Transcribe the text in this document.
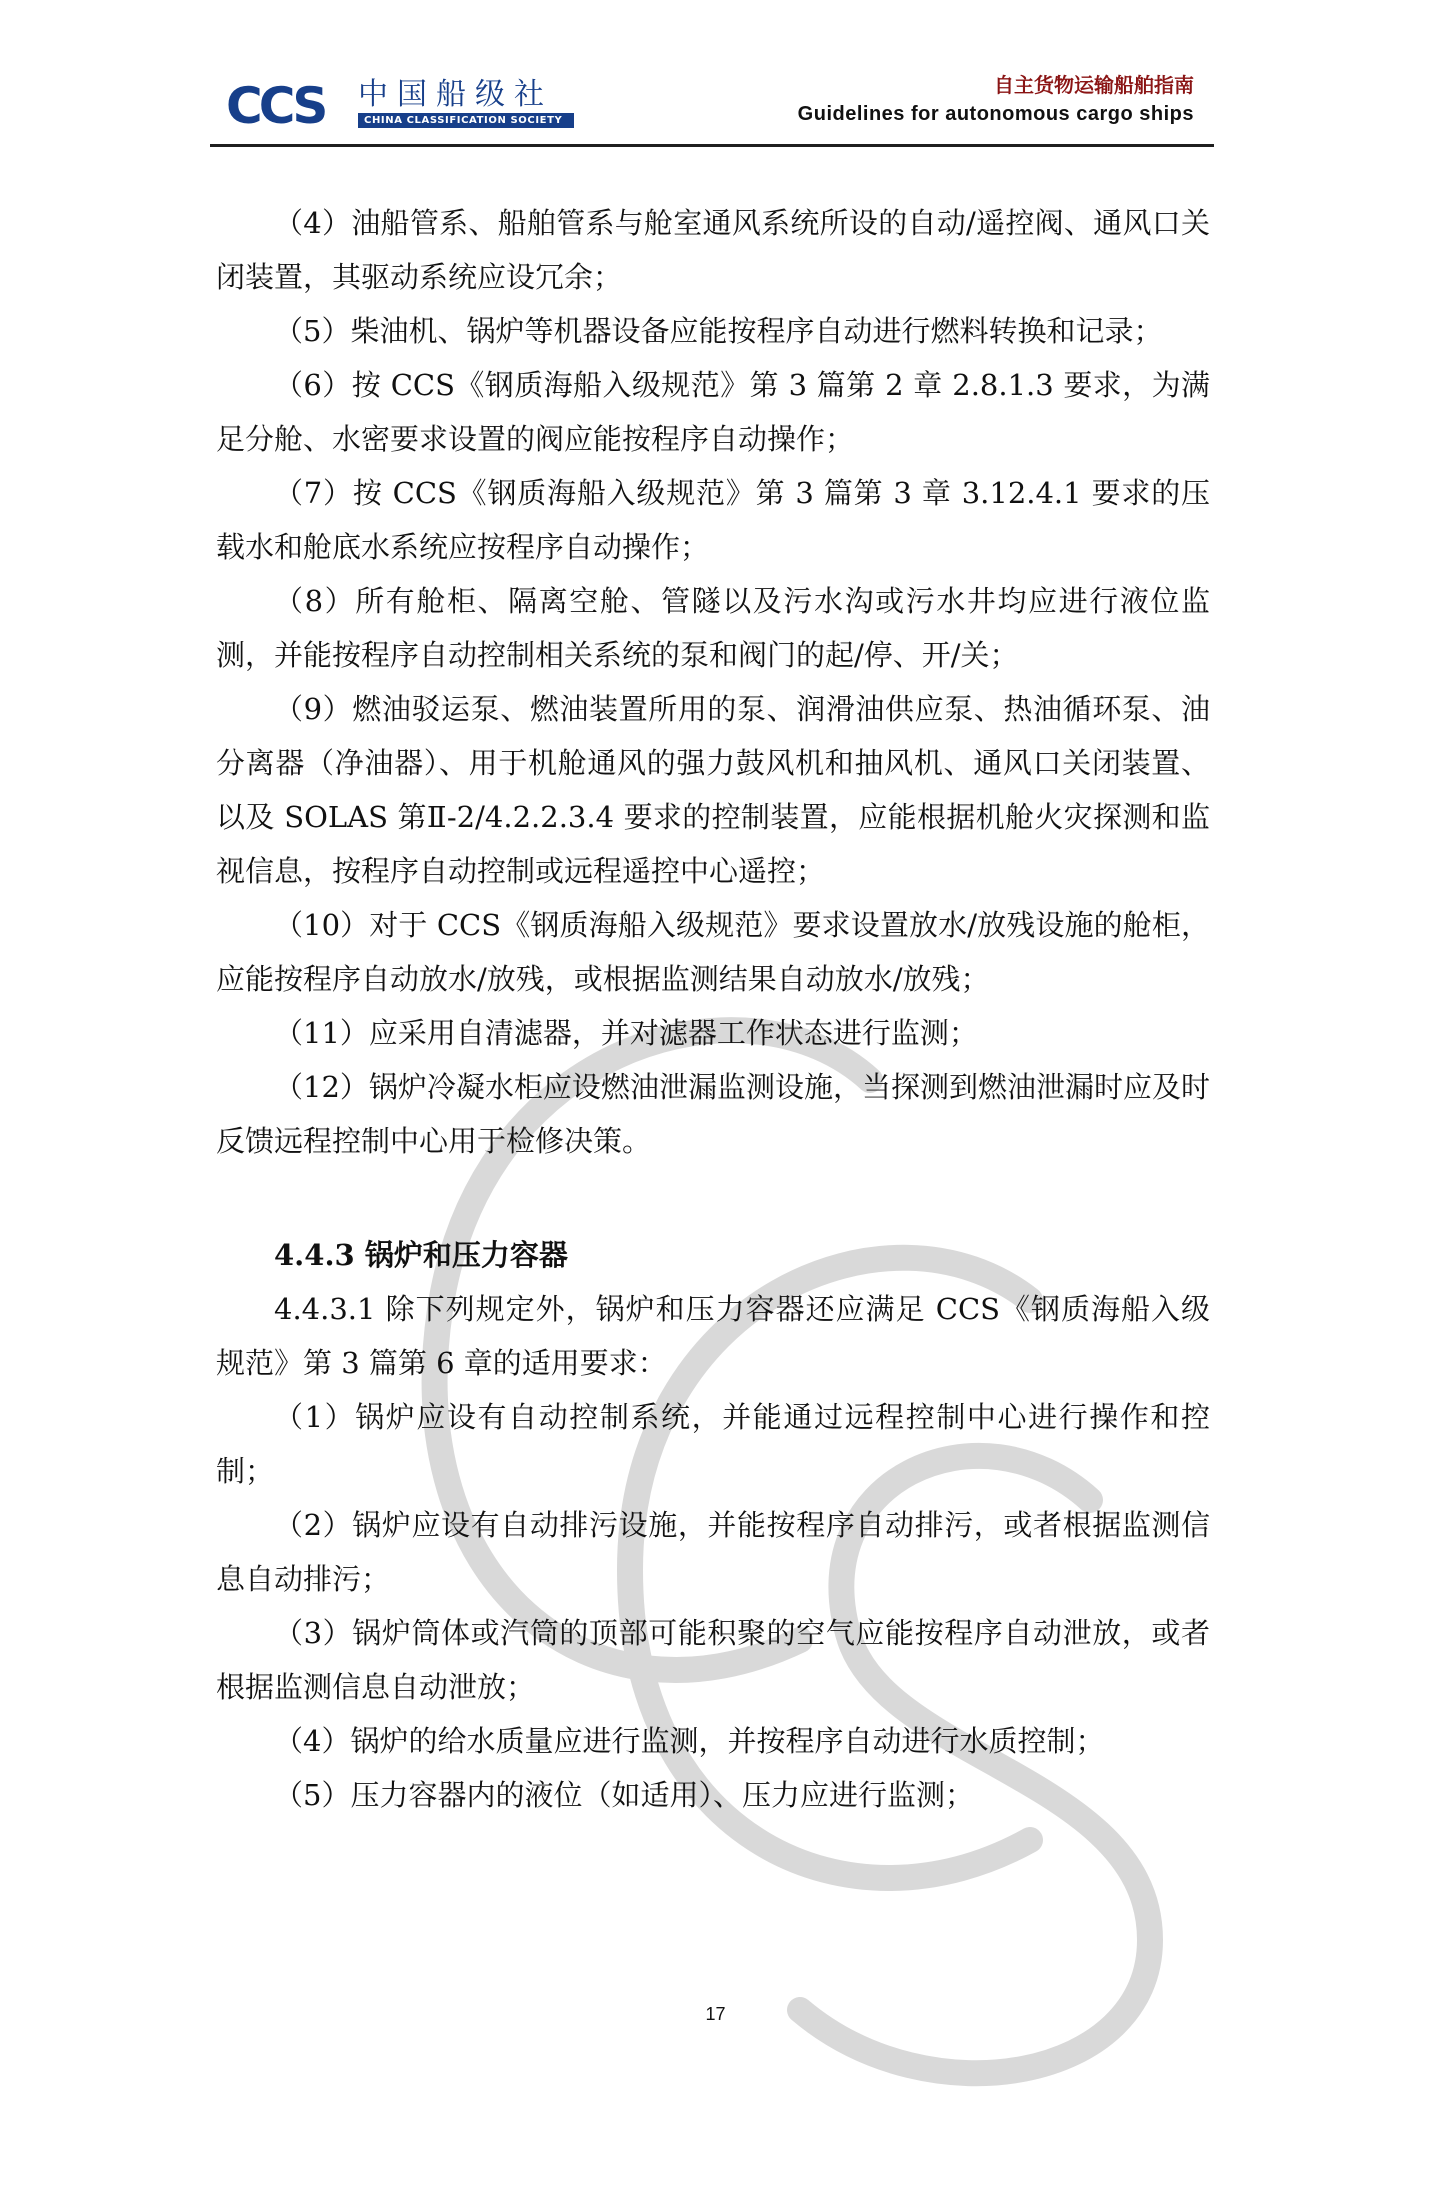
CCS 中国船级社
CHINA CLASSIFICATION SOCIETY
自主货物运输船舶指南
Guidelines for autonomous cargo ships

（4）油船管系、船舶管系与舱室通风系统所设的自动/遥控阀、通风口关闭装置，其驱动系统应设冗余；

（5）柴油机、锅炉等机器设备应能按程序自动进行燃料转换和记录；

（6）按 CCS《钢质海船入级规范》第 3 篇第 2 章 2.8.1.3 要求，为满足分舱、水密要求设置的阀应能按程序自动操作；

（7）按 CCS《钢质海船入级规范》第 3 篇第 3 章 3.12.4.1 要求的压载水和舱底水系统应按程序自动操作；

（8）所有舱柜、隔离空舱、管隧以及污水沟或污水井均应进行液位监测，并能按程序自动控制相关系统的泵和阀门的起/停、开/关；

（9）燃油驳运泵、燃油装置所用的泵、润滑油供应泵、热油循环泵、油分离器（净油器）、用于机舱通风的强力鼓风机和抽风机、通风口关闭装置、以及 SOLAS 第Ⅱ-2/4.2.2.3.4 要求的控制装置，应能根据机舱火灾探测和监视信息，按程序自动控制或远程遥控中心遥控；

（10）对于 CCS《钢质海船入级规范》要求设置放水/放残设施的舱柜，应能按程序自动放水/放残，或根据监测结果自动放水/放残；

（11）应采用自清滤器，并对滤器工作状态进行监测；

（12）锅炉冷凝水柜应设燃油泄漏监测设施，当探测到燃油泄漏时应及时反馈远程控制中心用于检修决策。

4.4.3 锅炉和压力容器

4.4.3.1 除下列规定外，锅炉和压力容器还应满足 CCS《钢质海船入级规范》第 3 篇第 6 章的适用要求：

（1）锅炉应设有自动控制系统，并能通过远程控制中心进行操作和控制；

（2）锅炉应设有自动排污设施，并能按程序自动排污，或者根据监测信息自动排污；

（3）锅炉筒体或汽筒的顶部可能积聚的空气应能按程序自动泄放，或者根据监测信息自动泄放；

（4）锅炉的给水质量应进行监测，并按程序自动进行水质控制；

（5）压力容器内的液位（如适用）、压力应进行监测；

17
